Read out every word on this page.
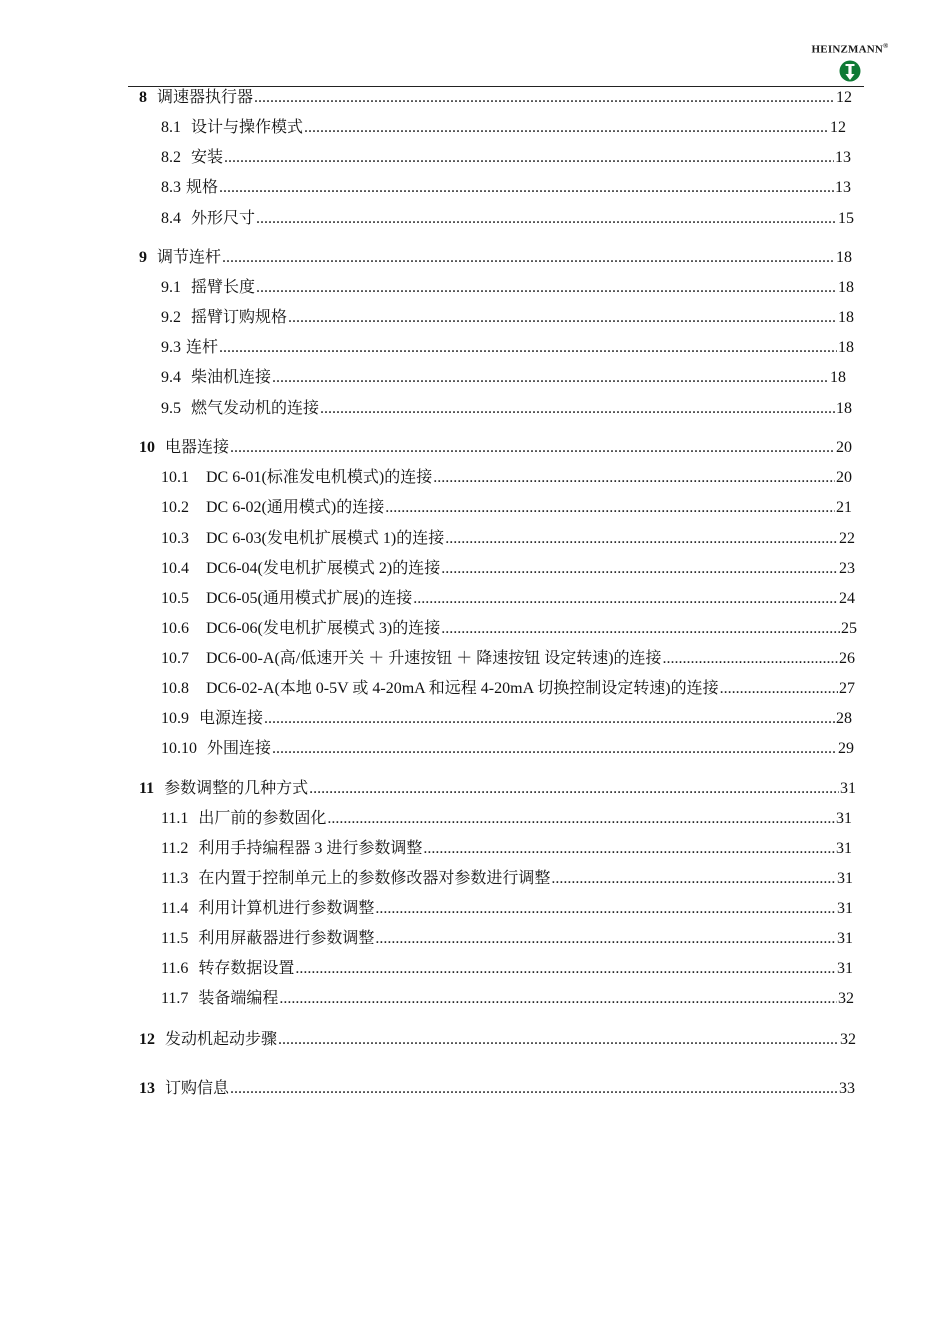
HEINZMANN®
8 调速器执行器 .....	12
8.1 设计与操作模式 .....	12
8.2 安装 .....	13
8.3 规格 .....	13
8.4 外形尺寸 .....	15
9 调节连杆 .....	18
9.1 摇臂长度 .....	18
9.2 摇臂订购规格 .....	18
9.3 连杆 .....	18
9.4 柴油机连接 .....	18
9.5 燃气发动机的连接 .....	18
10 电器连接 .....	20
10.1 DC 6-01(标准发电机模式)的连接 .....	20
10.2 DC 6-02(通用模式)的连接 .....	21
10.3 DC 6-03(发电机扩展模式 1)的连接 .....	22
10.4 DC6-04(发电机扩展模式 2)的连接 .....	23
10.5 DC6-05(通用模式扩展)的连接 .....	24
10.6 DC6-06(发电机扩展模式 3)的连接 .....	25
10.7 DC6-00-A(高/低速开关 ＋ 升速按钮 ＋ 降速按钮 设定转速)的连接 .....	26
10.8 DC6-02-A(本地 0-5V 或 4-20mA 和远程 4-20mA 切换控制设定转速)的连接 .....	27
10.9 电源连接 .....	28
10.10 外围连接 .....	29
11 参数调整的几种方式 .....	31
11.1 出厂前的参数固化 .....	31
11.2 利用手持编程器 3 进行参数调整 .....	31
11.3 在内置于控制单元上的参数修改器对参数进行调整 .....	31
11.4 利用计算机进行参数调整 .....	31
11.5 利用屏蔽器进行参数调整 .....	31
11.6 转存数据设置 .....	31
11.7 装备端编程 .....	32
12 发动机起动步骤 .....	32
13 订购信息 .....	33
